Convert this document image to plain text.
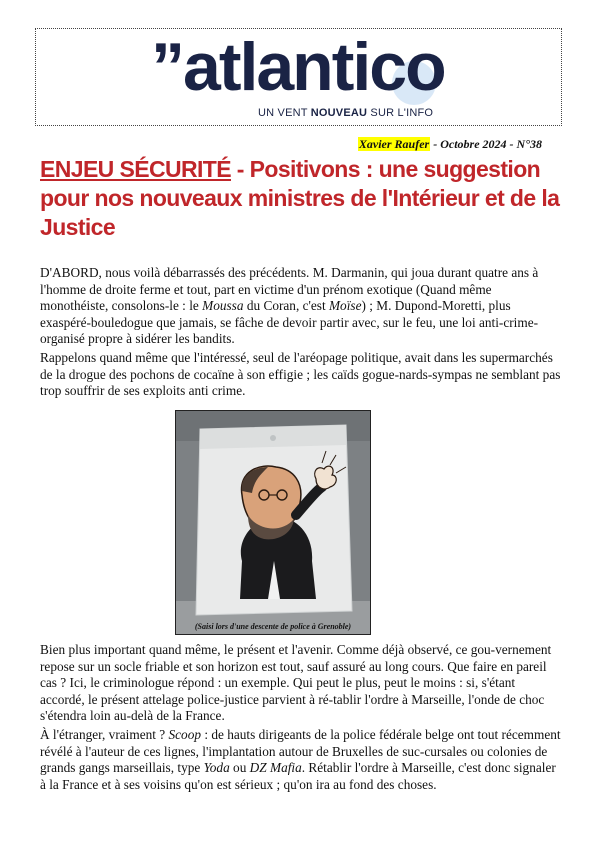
”atlantico
UN VENT NOUVEAU SUR L'INFO
Xavier Raufer - Octobre 2024 - N°38
ENJEU SÉCURITÉ - Positivons : une suggestion pour nos nouveaux ministres de l'Intérieur et de la Justice
D'ABORD, nous voilà débarrassés des précédents. M. Darmanin, qui joua durant quatre ans à l'homme de droite ferme et tout, part en victime d'un prénom exotique (Quand même monothéiste, consolons-le : le Moussa du Coran, c'est Moïse) ; M. Dupond-Moretti, plus exaspéré-bouledogue que jamais, se fâche de devoir partir avec, sur le feu, une loi anti-crime-organisé propre à sidérer les bandits.
Rappelons quand même que l'intéressé, seul de l'aréopage politique, avait dans les supermarchés de la drogue des pochons de cocaïne à son effigie ; les caïds gogue-nards-sympas ne semblant pas trop souffrir de ses exploits anti crime.
(Saisi lors d'une descente de police à Grenoble)
Bien plus important quand même, le présent et l'avenir. Comme déjà observé, ce gou-vernement repose sur un socle friable et son horizon est tout, sauf assuré au long cours. Que faire en pareil cas ? Ici, le criminologue répond : un exemple. Qui peut le plus, peut le moins : si, s'étant accordé, le présent attelage police-justice parvient à ré-tablir l'ordre à Marseille, l'onde de choc s'étendra loin au-delà de la France.
À l'étranger, vraiment ? Scoop : de hauts dirigeants de la police fédérale belge ont tout récemment révélé à l'auteur de ces lignes, l'implantation autour de Bruxelles de suc-cursales ou colonies de grands gangs marseillais, type Yoda ou DZ Mafia. Rétablir l'ordre à Marseille, c'est donc signaler à la France et à ses voisins qu'on est sérieux ; qu'on ira au fond des choses.
